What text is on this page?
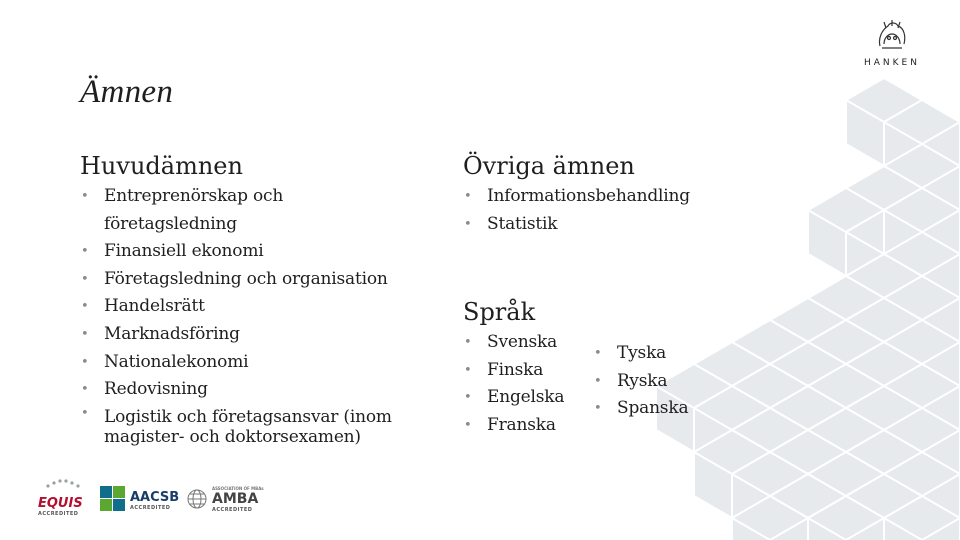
HANKEN
Ämnen
Huvudämnen
• Entreprenörskap och företagsledning
• Finansiell ekonomi
• Företagsledning och organisation
• Handelsrätt
• Marknadsföring
• Nationalekonomi
• Redovisning
• Logistik och företagsansvar (inom magister- och doktorsexamen)
Övriga ämnen
• Informationsbehandling
• Statistik
Språk
• Svenska
• Finska
• Engelska
• Franska
• Tyska
• Ryska
• Spanska
EQUIS
ACCREDITED
AACSB
ACCREDITED
ASSOCIATION OF MBAs
AMBA
ACCREDITED
